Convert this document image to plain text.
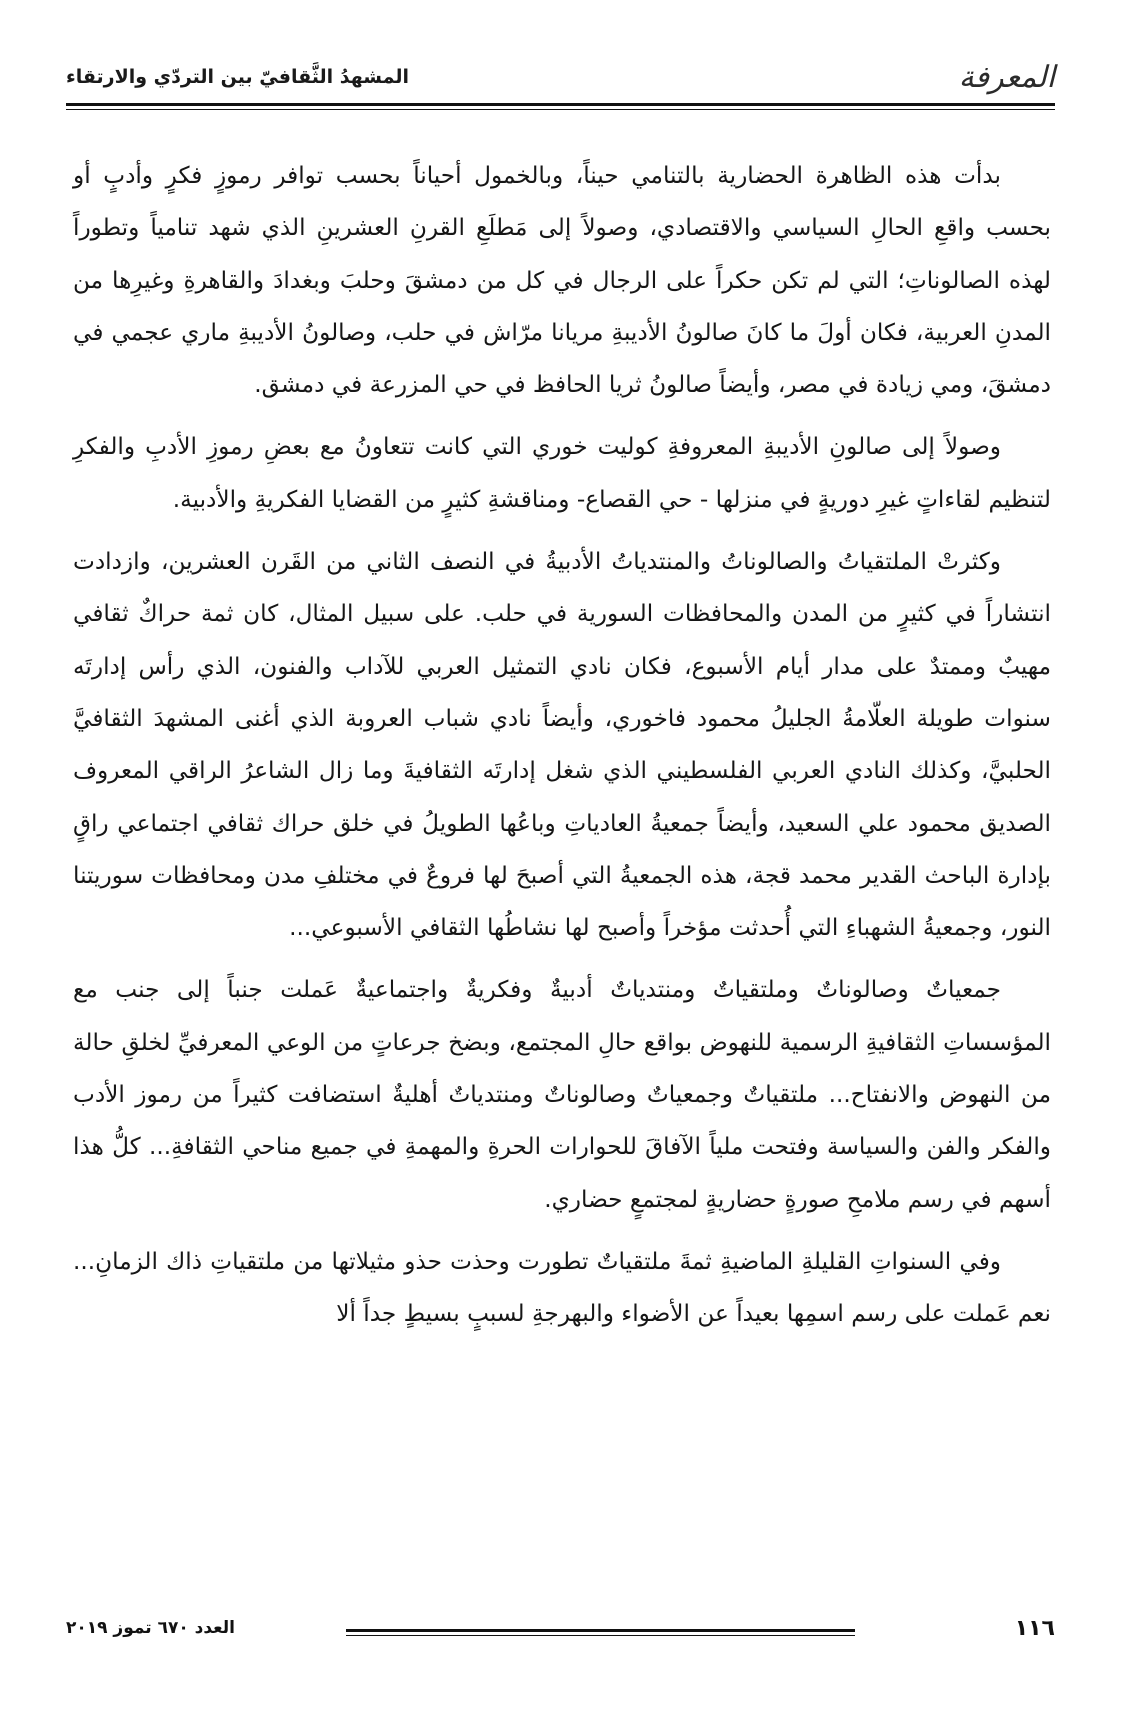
المعرفة
المشهدُ الثَّقافيّ بين التردّي والارتقاء

بدأت هذه الظاهرة الحضارية بالتنامي حيناً، وبالخمول أحياناً بحسب توافر رموزٍ فكرٍ وأدبٍ أو بحسب واقعِ الحالِ السياسي والاقتصادي، وصولاً إلى مَطلَعِ القرنِ العشرينِ الذي شهد تنامياً وتطوراً لهذه الصالوناتِ؛ التي لم تكن حكراً على الرجال في كل من دمشقَ وحلبَ وبغدادَ والقاهرةِ وغيرِها من المدنِ العربية، فكان أولَ ما كانَ صالونُ الأديبةِ مريانا مرّاش في حلب، وصالونُ الأديبةِ ماري عجمي في دمشقَ، ومي زيادة في مصر، وأيضاً صالونُ ثريا الحافظ في حي المزرعة في دمشق.

وصولاً إلى صالونِ الأديبةِ المعروفةِ كوليت خوري التي كانت تتعاونُ مع بعضِ رموزِ الأدبِ والفكرِ لتنظيم لقاءاتٍ غيرِ دوريةٍ في منزلها - حي القصاع- ومناقشةِ كثيرٍ من القضايا الفكريةِ والأدبية.

وكثرتْ الملتقياتُ والصالوناتُ والمنتدياتُ الأدبيةُ في النصف الثاني من القَرن العشرين، وازدادت انتشاراً في كثيرٍ من المدن والمحافظات السورية في حلب. على سبيل المثال، كان ثمة حراكٌ ثقافي مهيبٌ وممتدٌ على مدار أيام الأسبوع، فكان نادي التمثيل العربي للآداب والفنون، الذي رأس إدارتَه سنوات طويلة العلّامةُ الجليلُ محمود فاخوري، وأيضاً نادي شباب العروبة الذي أغنى المشهدَ الثقافيَّ الحلبيَّ، وكذلك النادي العربي الفلسطيني الذي شغل إدارتَه الثقافيةَ وما زال الشاعرُ الراقي المعروف الصديق محمود علي السعيد، وأيضاً جمعيةُ العادياتِ وباعُها الطويلُ في خلق حراك ثقافي اجتماعي راقٍ بإدارة الباحث القدير محمد قجة، هذه الجمعيةُ التي أصبحَ لها فروعٌ في مختلفِ مدن ومحافظات سوريتنا النور، وجمعيةُ الشهباءِ التي أُحدثت مؤخراً وأصبح لها نشاطُها الثقافي الأسبوعي...

جمعياتٌ وصالوناتٌ وملتقياتٌ ومنتدياتٌ أدبيةٌ وفكريةٌ واجتماعيةٌ عَملت جنباً إلى جنب مع المؤسساتِ الثقافيةِ الرسمية للنهوض بواقع حالِ المجتمع، وبضخ جرعاتٍ من الوعي المعرفيِّ لخلقِ حالة من النهوض والانفتاح... ملتقياتٌ وجمعياتٌ وصالوناتٌ ومنتدياتٌ أهليةٌ استضافت كثيراً من رموز الأدب والفكر والفن والسياسة وفتحت ملياً الآفاقَ للحوارات الحرةِ والمهمةِ في جميع مناحي الثقافةِ... كلُّ هذا أسهم في رسم ملامحِ صورةٍ حضاريةٍ لمجتمعٍ حضاري.

وفي السنواتِ القليلةِ الماضيةِ ثمةَ ملتقياتٌ تطورت وحذت حذو مثيلاتها من ملتقياتِ ذاك الزمانِ... نعم عَملت على رسم اسمِها بعيداً عن الأضواء والبهرجةِ لسببٍ بسيطٍ جداً ألا

١١٦
العدد ٦٧٠ تموز ٢٠١٩
